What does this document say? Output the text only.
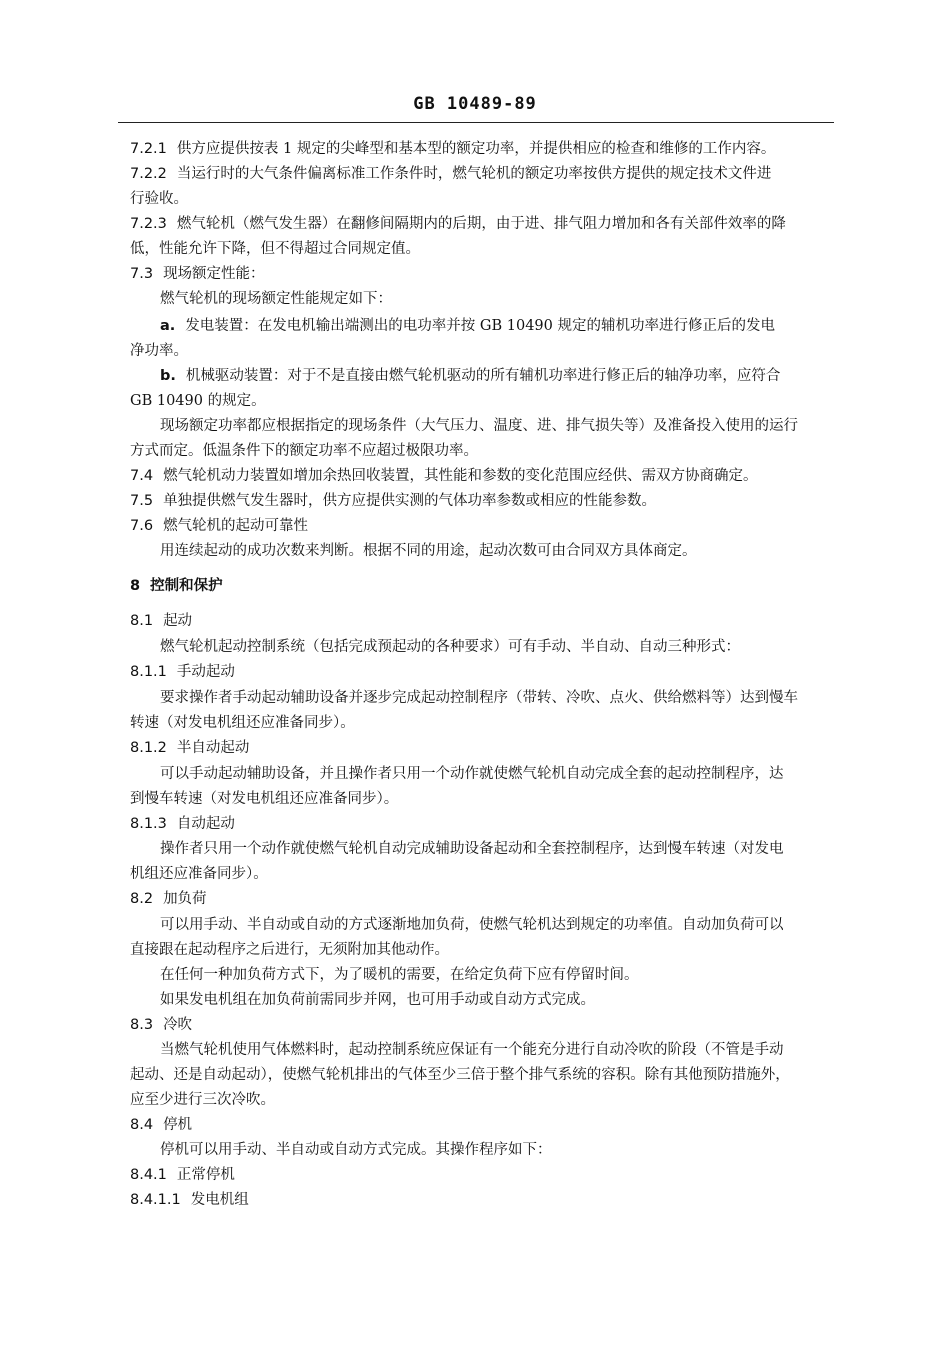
GB 10489-89
7.2.1 供方应提供按表 1 规定的尖峰型和基本型的额定功率，并提供相应的检查和维修的工作内容。
7.2.2 当运行时的大气条件偏离标准工作条件时，燃气轮机的额定功率按供方提供的规定技术文件进
行验收。
7.2.3 燃气轮机（燃气发生器）在翻修间隔期内的后期，由于进、排气阻力增加和各有关部件效率的降
低，性能允许下降，但不得超过合同规定值。
7.3 现场额定性能：
燃气轮机的现场额定性能规定如下：
a. 发电装置：在发电机输出端测出的电功率并按 GB 10490 规定的辅机功率进行修正后的发电
净功率。
b. 机械驱动装置：对于不是直接由燃气轮机驱动的所有辅机功率进行修正后的轴净功率，应符合
GB 10490 的规定。
现场额定功率都应根据指定的现场条件（大气压力、温度、进、排气损失等）及准备投入使用的运行
方式而定。低温条件下的额定功率不应超过极限功率。
7.4 燃气轮机动力装置如增加余热回收装置，其性能和参数的变化范围应经供、需双方协商确定。
7.5 单独提供燃气发生器时，供方应提供实测的气体功率参数或相应的性能参数。
7.6 燃气轮机的起动可靠性
用连续起动的成功次数来判断。根据不同的用途，起动次数可由合同双方具体商定。
8 控制和保护
8.1 起动
燃气轮机起动控制系统（包括完成预起动的各种要求）可有手动、半自动、自动三种形式：
8.1.1 手动起动
要求操作者手动起动辅助设备并逐步完成起动控制程序（带转、冷吹、点火、供给燃料等）达到慢车
转速（对发电机组还应准备同步）。
8.1.2 半自动起动
可以手动起动辅助设备，并且操作者只用一个动作就使燃气轮机自动完成全套的起动控制程序，达
到慢车转速（对发电机组还应准备同步）。
8.1.3 自动起动
操作者只用一个动作就使燃气轮机自动完成辅助设备起动和全套控制程序，达到慢车转速（对发电
机组还应准备同步）。
8.2 加负荷
可以用手动、半自动或自动的方式逐渐地加负荷，使燃气轮机达到规定的功率值。自动加负荷可以
直接跟在起动程序之后进行，无须附加其他动作。
在任何一种加负荷方式下，为了暖机的需要，在给定负荷下应有停留时间。
如果发电机组在加负荷前需同步并网，也可用手动或自动方式完成。
8.3 冷吹
当燃气轮机使用气体燃料时，起动控制系统应保证有一个能充分进行自动冷吹的阶段（不管是手动
起动、还是自动起动），使燃气轮机排出的气体至少三倍于整个排气系统的容积。除有其他预防措施外，
应至少进行三次冷吹。
8.4 停机
停机可以用手动、半自动或自动方式完成。其操作程序如下：
8.4.1 正常停机
8.4.1.1 发电机组
